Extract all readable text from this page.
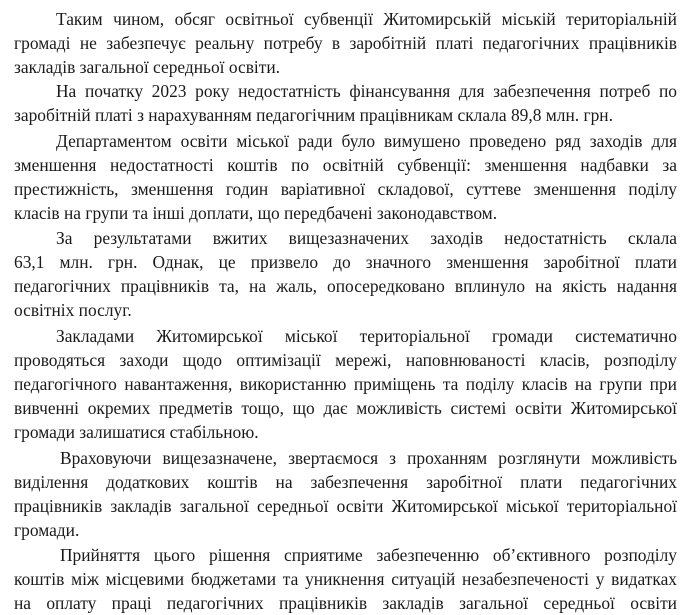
Таким чином, обсяг освітньої субвенції Житомирській міській територіальній
громаді не забезпечує реальну потребу в заробітній платі педагогічних працівників
закладів загальної середньої освіти.
На початку 2023 року недостатність фінансування для забезпечення потреб по
заробітній платі з нарахуванням педагогічним працівникам склала 89,8 млн. грн.
Департаментом освіти міської ради було вимушено проведено ряд заходів для
зменшення недостатності коштів по освітній субвенції: зменшення надбавки за
престижність, зменшення годин варіативної складової, суттеве зменшення поділу
класів на групи та інші доплати, що передбачені законодавством.
За результатами вжитих вищезазначених заходів недостатність склала
63,1 млн. грн. Однак, це призвело до значного зменшення заробітної плати
педагогічних працівників та, на жаль, опосередковано вплинуло на якість надання
освітніх послуг.
Закладами Житомирської міської територіальної громади систематично
проводяться заходи щодо оптимізації мережі, наповнюваності класів, розподілу
педагогічного навантаження, використанню приміщень та поділу класів на групи при
вивченні окремих предметів тощо, що дає можливість системі освіти Житомирської
громади залишатися стабільною.
Враховуючи вищезазначене, звертаємося з проханням розглянути можливість
виділення додаткових коштів на забезпечення заробітної плати педагогічних
працівників закладів загальної середньої освіти Житомирської міської територіальної
громади.
Прийняття цього рішення сприятиме забезпеченню об’єктивного розподілу
коштів між місцевими бюджетами та уникнення ситуацій незабезпеченості у видатках
на оплату праці педагогічних працівників закладів загальної середньої освіти
